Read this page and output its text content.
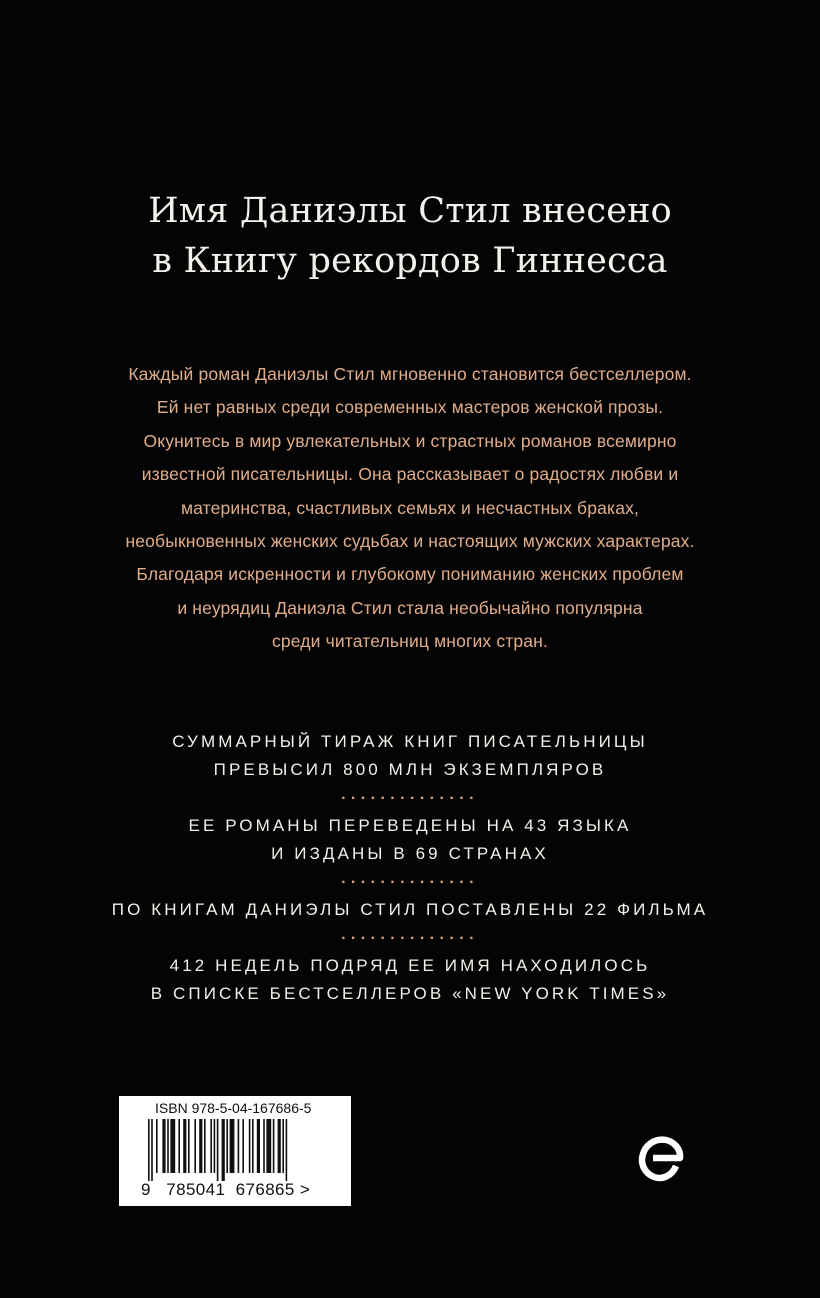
Имя Даниэлы Стил внесено
в Книгу рекордов Гиннесса
Каждый роман Даниэлы Стил мгновенно становится бестселлером.
Ей нет равных среди современных мастеров женской прозы.
Окунитесь в мир увлекательных и страстных романов всемирно
известной писательницы. Она рассказывает о радостях любви и
материнства, счастливых семьях и несчастных браках,
необыкновенных женских судьбах и настоящих мужских характерах.
Благодаря искренности и глубокому пониманию женских проблем
и неурядиц Даниэла Стил стала необычайно популярна
среди читательниц многих стран.
СУММАРНЫЙ ТИРАЖ КНИГ ПИСАТЕЛЬНИЦЫ
ПРЕВЫСИЛ 800 МЛН ЭКЗЕМПЛЯРОВ
..............
ЕЕ РОМАНЫ ПЕРЕВЕДЕНЫ НА 43 ЯЗЫКА
И ИЗДАНЫ В 69 СТРАНАХ
..............
ПО КНИГАМ ДАНИЭЛЫ СТИЛ ПОСТАВЛЕНЫ 22 ФИЛЬМА
..............
412 НЕДЕЛЬ ПОДРЯД ЕЕ ИМЯ НАХОДИЛОСЬ
В СПИСКЕ БЕСТСЕЛЛЕРОВ «NEW YORK TIMES»
ISBN 978-5-04-167686-5
9 785041 676865 >
